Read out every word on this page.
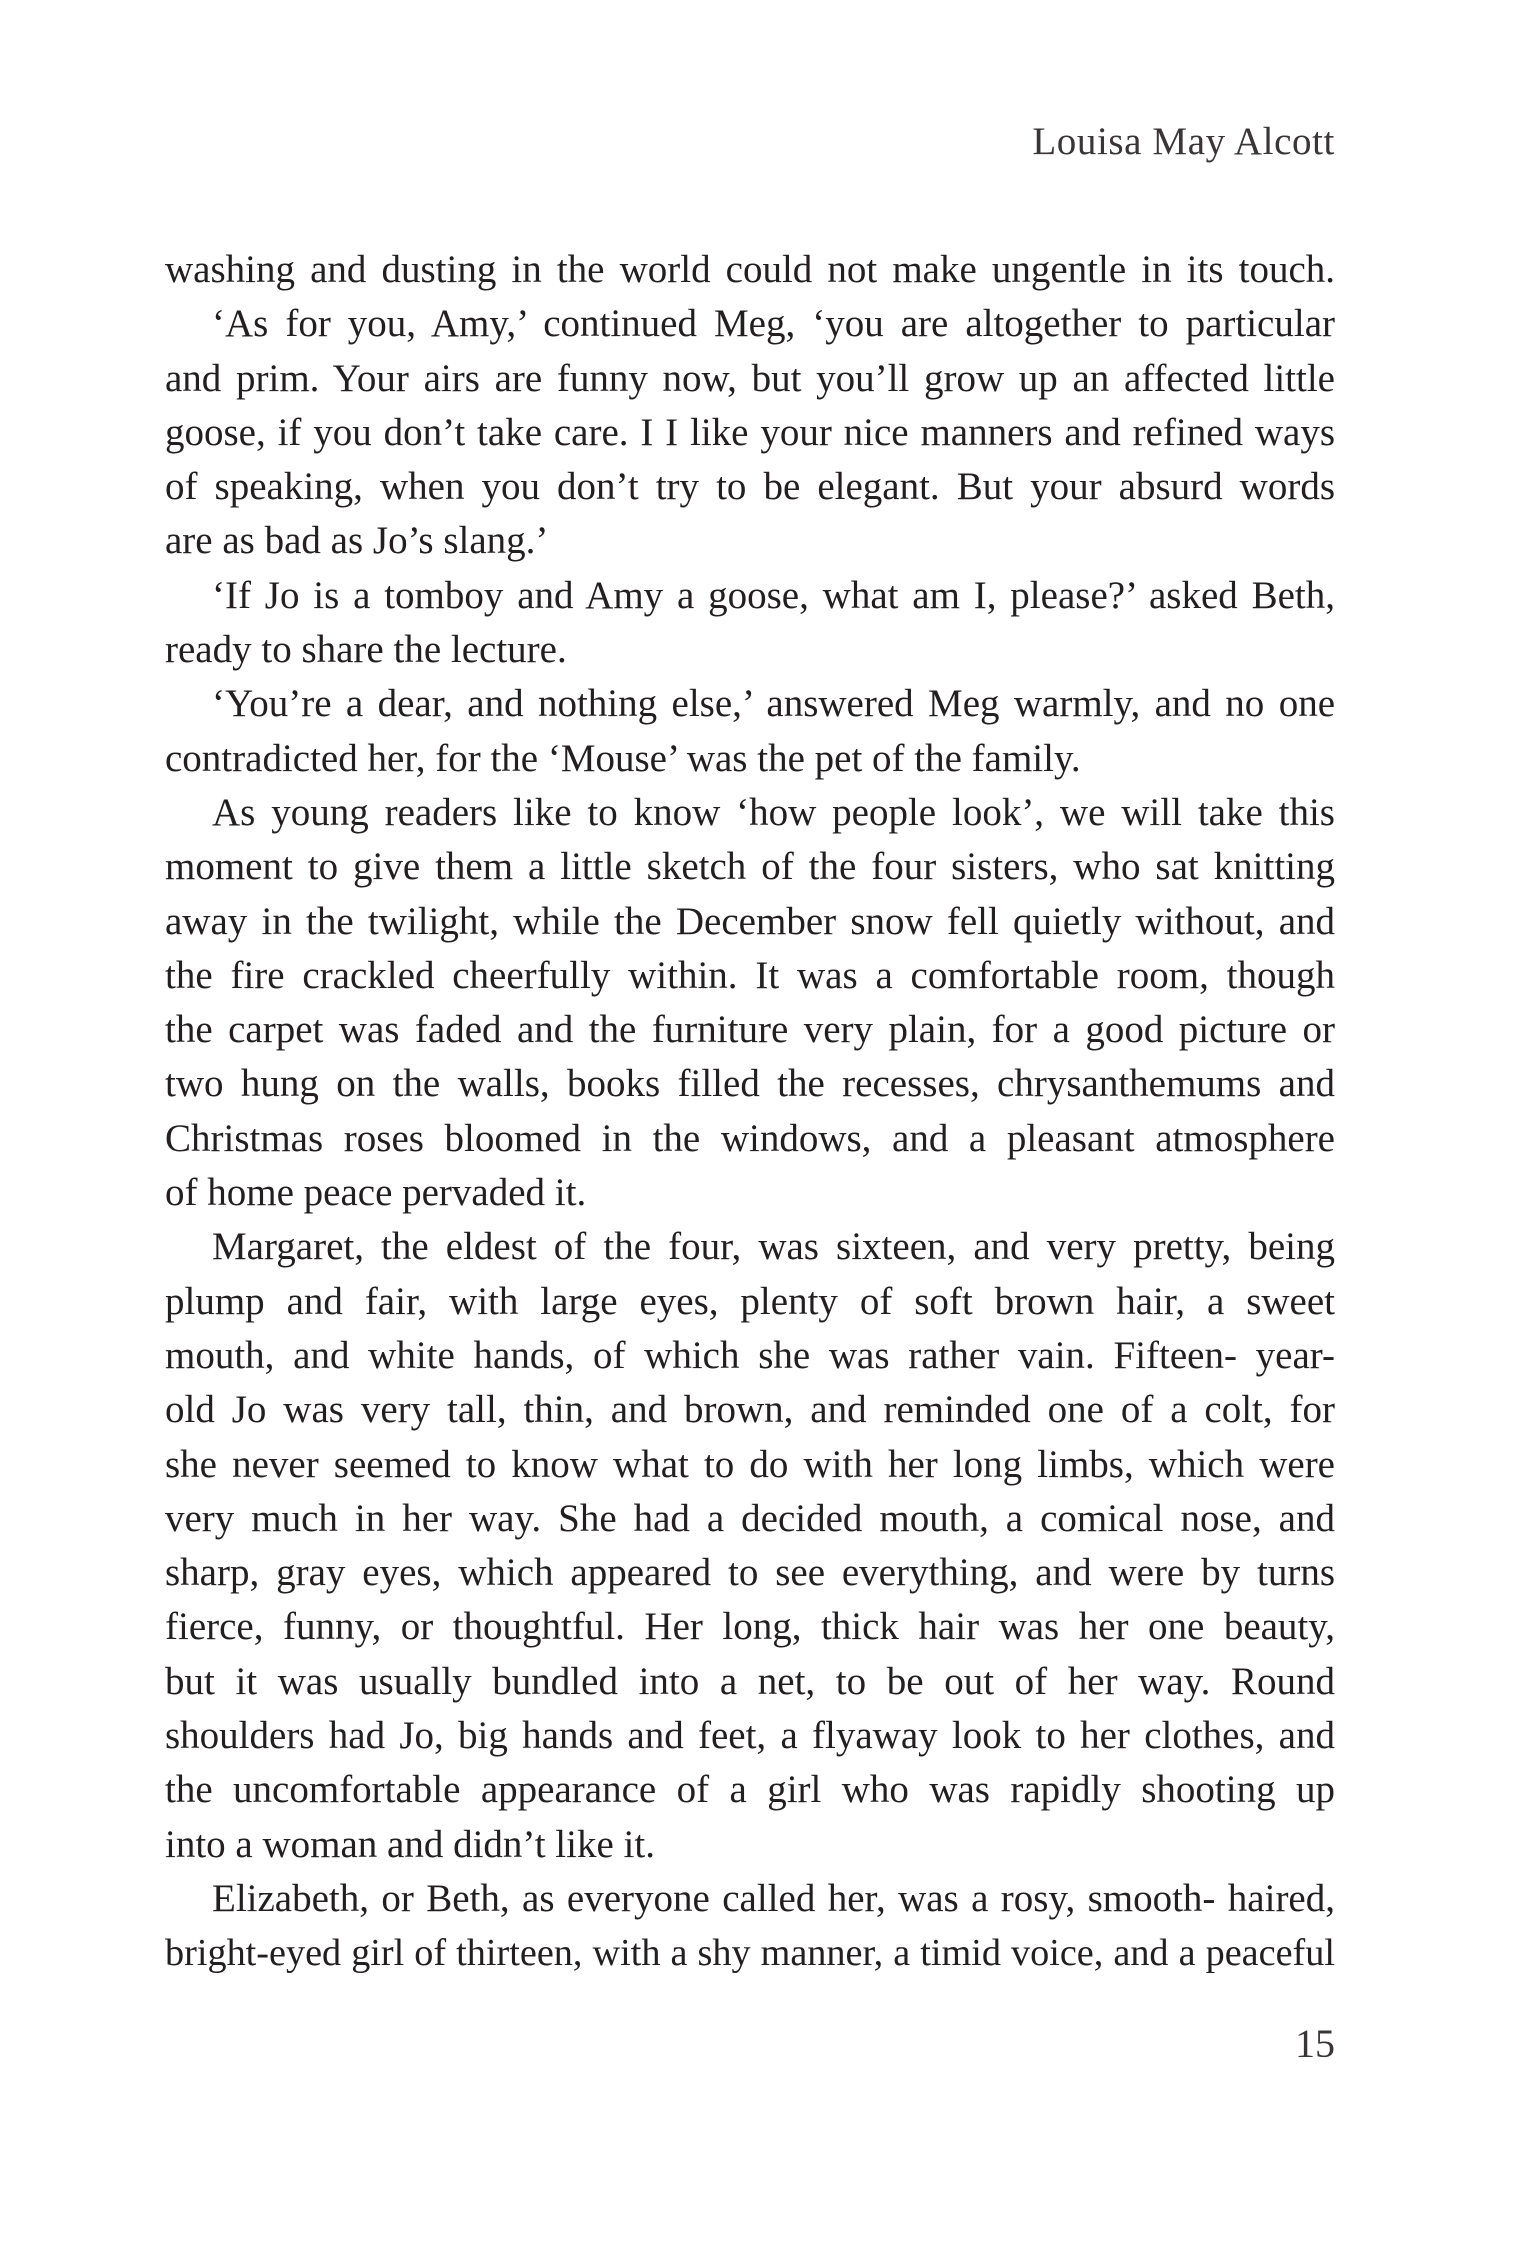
Louisa May Alcott
washing and dusting in the world could not make ungentle in its touch.
‘As for you, Amy,’ continued Meg, ‘you are altogether to particular
and prim. Your airs are funny now, but you’ll grow up an affected little
goose, if you don’t take care. I I like your nice manners and refined ways
of speaking, when you don’t try to be elegant. But your absurd words
are as bad as Jo’s slang.’
‘If Jo is a tomboy and Amy a goose, what am I, please?’ asked Beth,
ready to share the lecture.
‘You’re a dear, and nothing else,’ answered Meg warmly, and no one
contradicted her, for the ‘Mouse’ was the pet of the family.
As young readers like to know ‘how people look’, we will take this
moment to give them a little sketch of the four sisters, who sat knitting
away in the twilight, while the December snow fell quietly without, and
the fire crackled cheerfully within. It was a comfortable room, though
the carpet was faded and the furniture very plain, for a good picture or
two hung on the walls, books filled the recesses, chrysanthemums and
Christmas roses bloomed in the windows, and a pleasant atmosphere
of home peace pervaded it.
Margaret, the eldest of the four, was sixteen, and very pretty, being
plump and fair, with large eyes, plenty of soft brown hair, a sweet
mouth, and white hands, of which she was rather vain. Fifteen- year-
old Jo was very tall, thin, and brown, and reminded one of a colt, for
she never seemed to know what to do with her long limbs, which were
very much in her way. She had a decided mouth, a comical nose, and
sharp, gray eyes, which appeared to see everything, and were by turns
fierce, funny, or thoughtful. Her long, thick hair was her one beauty,
but it was usually bundled into a net, to be out of her way. Round
shoulders had Jo, big hands and feet, a flyaway look to her clothes, and
the uncomfortable appearance of a girl who was rapidly shooting up
into a woman and didn’t like it.
Elizabeth, or Beth, as everyone called her, was a rosy, smooth- haired,
bright-eyed girl of thirteen, with a shy manner, a timid voice, and a peaceful
15
